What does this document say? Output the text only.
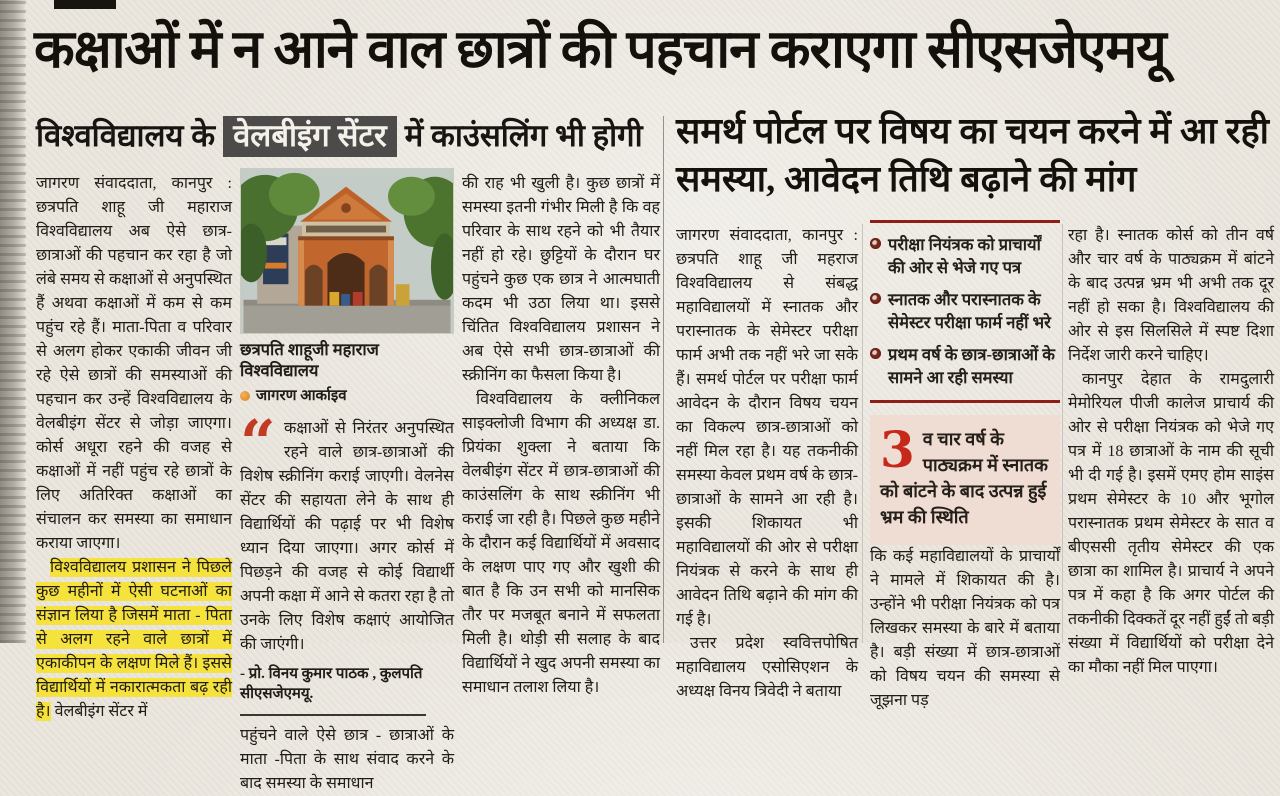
कक्षाओं में न आने वाल छात्रों की पहचान कराएगा सीएसजेएमयू
विश्वविद्यालय के वेलबीइंग सेंटर में काउंसलिंग भी होगी

जागरण संवाददाता, कानपुर : छत्रपति शाहू जी महाराज विश्वविद्यालय अब ऐसे छात्र-छात्राओं की पहचान कर रहा है जो लंबे समय से कक्षाओं से अनुपस्थित हैं अथवा कक्षाओं में कम से कम पहुंच रहे हैं। माता-पिता व परिवार से अलग होकर एकाकी जीवन जी रहे ऐसे छात्रों की समस्याओं की पहचान कर उन्हें विश्वविद्यालय के वेलबीइंग सेंटर से जोड़ा जाएगा। कोर्स अधूरा रहने की वजह से कक्षाओं में नहीं पहुंच रहे छात्रों के लिए अतिरिक्त कक्षाओं का संचालन कर समस्या का समाधान कराया जाएगा।

विश्वविद्यालय प्रशासन ने पिछले कुछ महीनों में ऐसी घटनाओं का संज्ञान लिया है जिसमें माता - पिता से अलग रहने वाले छात्रों में एकाकीपन के लक्षण मिले हैं। इससे विद्यार्थियों में नकारात्मकता बढ़ रही है। वेलबीइंग सेंटर में

छत्रपति शाहूजी महाराज विश्वविद्यालय
जागरण आर्काइव
“ कक्षाओं से निरंतर अनुपस्थित रहने वाले छात्र-छात्राओं की विशेष स्क्रीनिंग कराई जाएगी। वेलनेस सेंटर की सहायता लेने के साथ ही विद्यार्थियों की पढ़ाई पर भी विशेष ध्यान दिया जाएगा। अगर कोर्स में पिछड़ने की वजह से कोई विद्यार्थी अपनी कक्षा में आने से कतरा रहा है तो उनके लिए विशेष कक्षाएं आयोजित की जाएंगी।
- प्रो. विनय कुमार पाठक , कुलपति सीएसजेएमयू.

पहुंचने वाले ऐसे छात्र - छात्राओं के माता -पिता के साथ संवाद करने के बाद समस्या के समाधान

की राह भी खुली है। कुछ छात्रों में समस्या इतनी गंभीर मिली है कि वह परिवार के साथ रहने को भी तैयार नहीं हो रहे। छुट्टियों के दौरान घर पहुंचने कुछ एक छात्र ने आत्मघाती कदम भी उठा लिया था। इससे चिंतित विश्वविद्यालय प्रशासन ने अब ऐसे सभी छात्र-छात्राओं की स्क्रीनिंग का फैसला किया है।

विश्वविद्यालय के क्लीनिकल साइक्लोजी विभाग की अध्यक्ष डा. प्रियंका शुक्ला ने बताया कि वेलबीइंग सेंटर में छात्र-छात्राओं की काउंसलिंग के साथ स्क्रीनिंग भी कराई जा रही है। पिछले कुछ महीने के दौरान कई विद्यार्थियों में अवसाद के लक्षण पाए गए और खुशी की बात है कि उन सभी को मानसिक तौर पर मजबूत बनाने में सफलता मिली है। थोड़ी सी सलाह के बाद विद्यार्थियों ने खुद अपनी समस्या का समाधान तलाश लिया है।

समर्थ पोर्टल पर विषय का चयन करने में आ रही समस्या, आवेदन तिथि बढ़ाने की मांग

जागरण संवाददाता, कानपुर : छत्रपति शाहू जी महराज विश्वविद्यालय से संबद्ध महाविद्यालयों में स्नातक और परास्नातक के सेमेस्टर परीक्षा फार्म अभी तक नहीं भरे जा सके हैं। समर्थ पोर्टल पर परीक्षा फार्म आवेदन के दौरान विषय चयन का विकल्प छात्र-छात्राओं को नहीं मिल रहा है। यह तकनीकी समस्या केवल प्रथम वर्ष के छात्र-छात्राओं के सामने आ रही है। इसकी शिकायत भी महाविद्यालयों की ओर से परीक्षा नियंत्रक से करने के साथ ही आवेदन तिथि बढ़ाने की मांग की गई है।

उत्तर प्रदेश स्ववित्तपोषित महाविद्यालय एसोसिएशन के अध्यक्ष विनय त्रिवेदी ने बताया

परीक्षा नियंत्रक को प्राचार्यों की ओर से भेजे गए पत्र
स्नातक और परास्नातक के सेमेस्टर परीक्षा फार्म नहीं भरे
प्रथम वर्ष के छात्र-छात्राओं के सामने आ रही समस्या
3 व चार वर्ष के पाठ्यक्रम में स्नातक को बांटने के बाद उत्पन्न हुई भ्रम की स्थिति

कि कई महाविद्यालयों के प्राचार्यों ने मामले में शिकायत की है। उन्होंने भी परीक्षा नियंत्रक को पत्र लिखकर समस्या के बारे में बताया है। बड़ी संख्या में छात्र-छात्राओं को विषय चयन की समस्या से जूझना पड़

रहा है। स्नातक कोर्स को तीन वर्ष और चार वर्ष के पाठ्यक्रम में बांटने के बाद उत्पन्न भ्रम भी अभी तक दूर नहीं हो सका है। विश्वविद्यालय की ओर से इस सिलसिले में स्पष्ट दिशा निर्देश जारी करने चाहिए।

कानपुर देहात के रामदुलारी मेमोरियल पीजी कालेज प्राचार्य की ओर से परीक्षा नियंत्रक को भेजे गए पत्र में 18 छात्राओं के नाम की सूची भी दी गई है। इसमें एमए होम साइंस प्रथम सेमेस्टर के 10 और भूगोल परास्नातक प्रथम सेमेस्टर के सात व बीएससी तृतीय सेमेस्टर की एक छात्रा का शामिल है। प्राचार्य ने अपने पत्र में कहा है कि अगर पोर्टल की तकनीकी दिक्कतें दूर नहीं हुईं तो बड़ी संख्या में विद्यार्थियों को परीक्षा देने का मौका नहीं मिल पाएगा।
